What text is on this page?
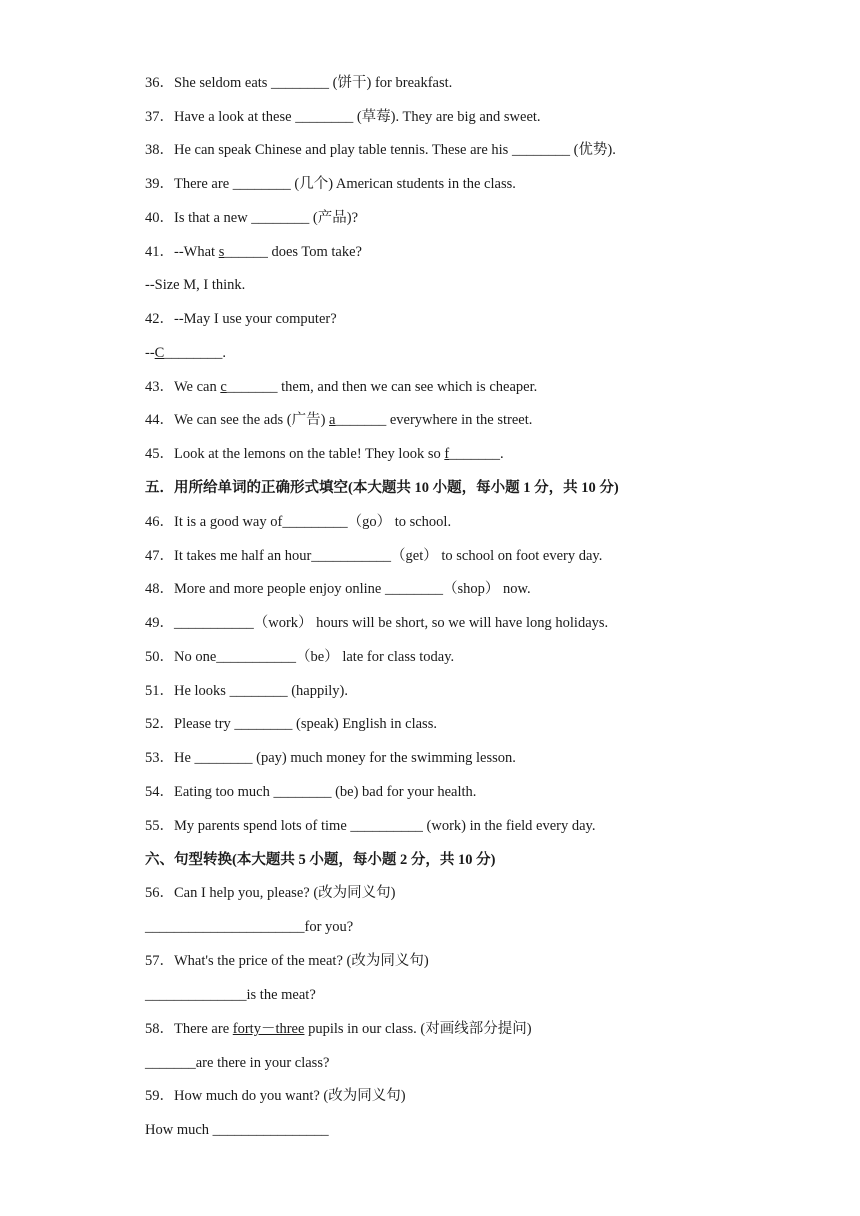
36．She seldom eats ________ (饼干) for breakfast.
37．Have a look at these ________ (草莓). They are big and sweet.
38．He can speak Chinese and play table tennis. These are his ________ (优势).
39．There are ________ (几个) American students in the class.
40．Is that a new ________ (产品)?
41．--What s______ does Tom take?
--Size M, I think.
42．--May I use your computer?
--C________.
43．We can c_______ them, and then we can see which is cheaper.
44．We can see the ads (广告) a_______ everywhere in the street.
45．Look at the lemons on the table! They look so f_______.
五．用所给单词的正确形式填空(本大题共 10 小题，每小题 1 分，共 10 分)
46．It is a good way of_________（go） to school.
47．It takes me half an hour___________（get） to school on foot every day.
48．More and more people enjoy online ________（shop） now.
49．___________（work） hours will be short, so we will have long holidays.
50．No one___________（be） late for class today.
51．He looks ________ (happily).
52．Please try ________ (speak) English in class.
53．He ________ (pay) much money for the swimming lesson.
54．Eating too much ________ (be) bad for your health.
55．My parents spend lots of time __________ (work) in the field every day.
六、句型转换(本大题共 5 小题，每小题 2 分，共 10 分)
56．Can I help you, please? (改为同义句)
______________________for you?
57．What's the price of the meat? (改为同义句)
______________is the meat?
58．There are forty－three pupils in our class. (对画线部分提问)
_______are there in your class?
59．How much do you want? (改为同义句)
How much ________________
